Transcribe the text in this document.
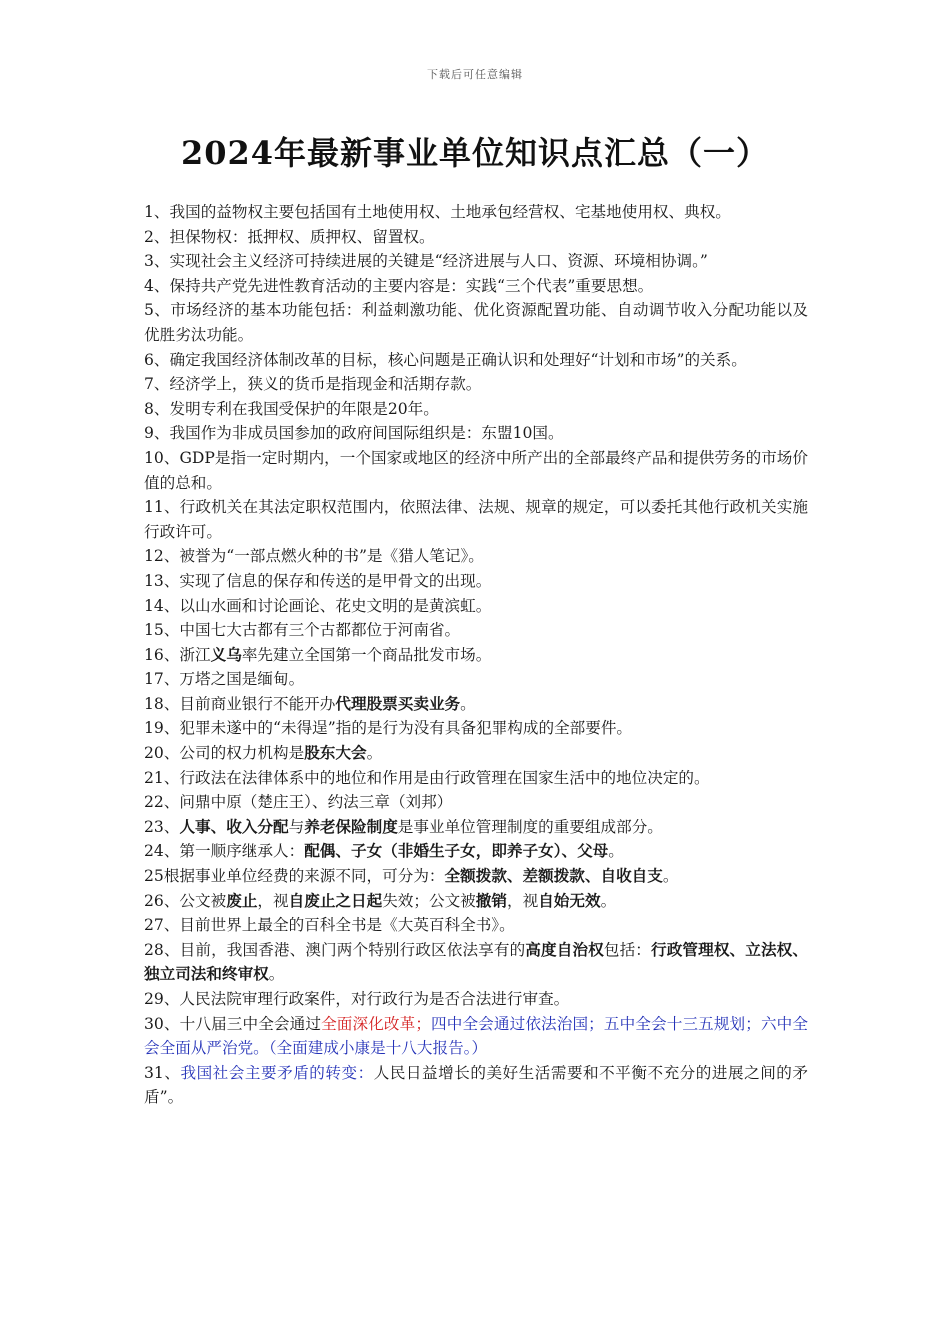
下载后可任意编辑
2024年最新事业单位知识点汇总（一）

1、我国的益物权主要包括国有土地使用权、土地承包经营权、宅基地使用权、典权。

2、担保物权：抵押权、质押权、留置权。

3、实现社会主义经济可持续进展的关键是“经济进展与人口、资源、环境相协调。”

4、保持共产党先进性教育活动的主要内容是：实践“三个代表”重要思想。

5、市场经济的基本功能包括：利益刺激功能、优化资源配置功能、自动调节收入分配功能以及优胜劣汰功能。

6、确定我国经济体制改革的目标，核心问题是正确认识和处理好“计划和市场”的关系。

7、经济学上，狭义的货币是指现金和活期存款。

8、发明专利在我国受保护的年限是20年。

9、我国作为非成员国参加的政府间国际组织是：东盟10国。

10、GDP是指一定时期内，一个国家或地区的经济中所产出的全部最终产品和提供劳务的市场价值的总和。

11、行政机关在其法定职权范围内，依照法律、法规、规章的规定，可以委托其他行政机关实施行政许可。

12、被誉为“一部点燃火种的书”是《猎人笔记》。

13、实现了信息的保存和传送的是甲骨文的出现。

14、以山水画和讨论画论、花史文明的是黄滨虹。

15、中国七大古都有三个古都都位于河南省。

16、浙江义乌率先建立全国第一个商品批发市场。

17、万塔之国是缅甸。

18、目前商业银行不能开办代理股票买卖业务。

19、犯罪未遂中的“未得逞”指的是行为没有具备犯罪构成的全部要件。

20、公司的权力机构是股东大会。

21、行政法在法律体系中的地位和作用是由行政管理在国家生活中的地位决定的。

22、问鼎中原（楚庄王）、约法三章（刘邦）

23、人事、收入分配与养老保险制度是事业单位管理制度的重要组成部分。

24、第一顺序继承人：配偶、子女（非婚生子女，即养子女）、父母。

25根据事业单位经费的来源不同，可分为：全额拨款、差额拨款、自收自支。

26、公文被废止，视自废止之日起失效；公文被撤销，视自始无效。

27、目前世界上最全的百科全书是《大英百科全书》。

28、目前，我国香港、澳门两个特别行政区依法享有的高度自治权包括：行政管理权、立法权、独立司法和终审权。

29、人民法院审理行政案件，对行政行为是否合法进行审查。

30、十八届三中全会通过全面深化改革；四中全会通过依法治国；五中全会十三五规划；六中全会全面从严治党。（全面建成小康是十八大报告。）

31、我国社会主要矛盾的转变：人民日益增长的美好生活需要和不平衡不充分的进展之间的矛盾”。
